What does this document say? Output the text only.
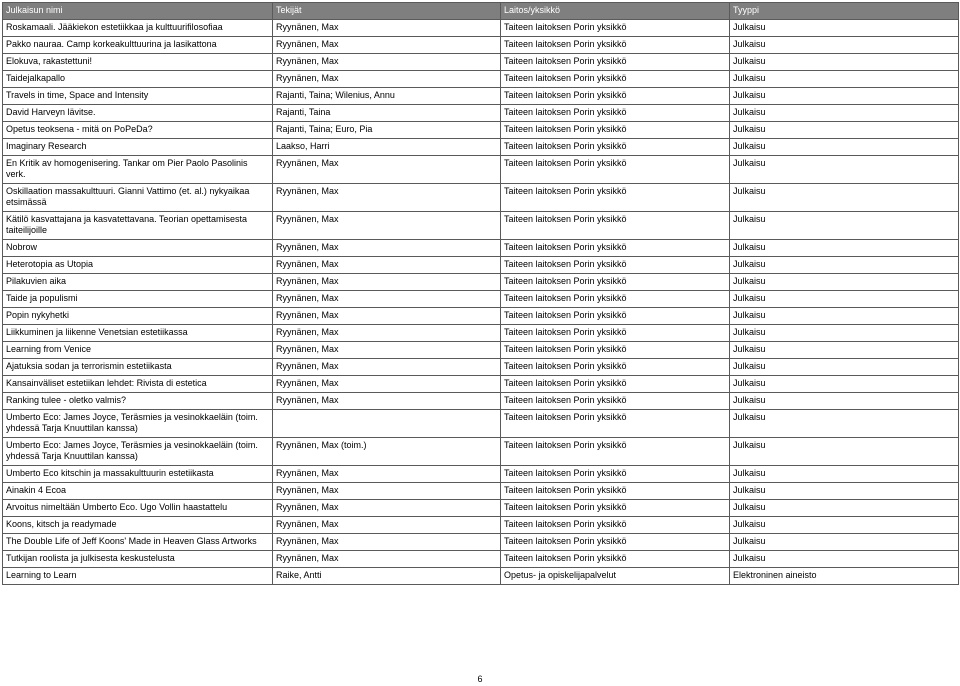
Julkaisun nimi	Tekijät	Laitos/yksikkö	Tyyppi
Roskamaali. Jääkiekon estetiikkaa ja kulttuurifilosofiaa	Ryynänen, Max	Taiteen laitoksen Porin yksikkö	Julkaisu
Pakko nauraa. Camp korkeakulttuurina ja lasikattona	Ryynänen, Max	Taiteen laitoksen Porin yksikkö	Julkaisu
Elokuva, rakastettuni!	Ryynänen, Max	Taiteen laitoksen Porin yksikkö	Julkaisu
Taidejalkapallo	Ryynänen, Max	Taiteen laitoksen Porin yksikkö	Julkaisu
Travels in time, Space and Intensity	Rajanti, Taina; Wilenius, Annu	Taiteen laitoksen Porin yksikkö	Julkaisu
David Harveyn lävitse.	Rajanti, Taina	Taiteen laitoksen Porin yksikkö	Julkaisu
Opetus teoksena - mitä on PoPeDa?	Rajanti, Taina; Euro, Pia	Taiteen laitoksen Porin yksikkö	Julkaisu
Imaginary Research	Laakso, Harri	Taiteen laitoksen Porin yksikkö	Julkaisu
En Kritik av homogenisering. Tankar om Pier Paolo Pasolinis verk.	Ryynänen, Max	Taiteen laitoksen Porin yksikkö	Julkaisu
Oskillaation massakulttuuri. Gianni Vattimo (et. al.) nykyaikaa etsimässä	Ryynänen, Max	Taiteen laitoksen Porin yksikkö	Julkaisu
Kätilö kasvattajana ja kasvatettavana. Teorian opettamisesta taiteilijoille	Ryynänen, Max	Taiteen laitoksen Porin yksikkö	Julkaisu
Nobrow	Ryynänen, Max	Taiteen laitoksen Porin yksikkö	Julkaisu
Heterotopia as Utopia	Ryynänen, Max	Taiteen laitoksen Porin yksikkö	Julkaisu
Pilakuvien aika	Ryynänen, Max	Taiteen laitoksen Porin yksikkö	Julkaisu
Taide ja populismi	Ryynänen, Max	Taiteen laitoksen Porin yksikkö	Julkaisu
Popin nykyhetki	Ryynänen, Max	Taiteen laitoksen Porin yksikkö	Julkaisu
Liikkuminen ja liikenne Venetsian estetiikassa	Ryynänen, Max	Taiteen laitoksen Porin yksikkö	Julkaisu
Learning from Venice	Ryynänen, Max	Taiteen laitoksen Porin yksikkö	Julkaisu
Ajatuksia sodan ja terrorismin estetiikasta	Ryynänen, Max	Taiteen laitoksen Porin yksikkö	Julkaisu
Kansainväliset estetiikan lehdet: Rivista di estetica	Ryynänen, Max	Taiteen laitoksen Porin yksikkö	Julkaisu
Ranking tulee - oletko valmis?	Ryynänen, Max	Taiteen laitoksen Porin yksikkö	Julkaisu
Umberto Eco: James Joyce, Teräsmies ja vesinokkaeläin (toim. yhdessä Tarja Knuuttilan kanssa)		Taiteen laitoksen Porin yksikkö	Julkaisu
Umberto Eco: James Joyce, Teräsmies ja vesinokkaeläin (toim. yhdessä Tarja Knuuttilan kanssa)	Ryynänen, Max (toim.)	Taiteen laitoksen Porin yksikkö	Julkaisu
Umberto Eco kitschin ja massakulttuurin estetiikasta	Ryynänen, Max	Taiteen laitoksen Porin yksikkö	Julkaisu
Ainakin 4 Ecoa	Ryynänen, Max	Taiteen laitoksen Porin yksikkö	Julkaisu
Arvoitus nimeltään Umberto Eco. Ugo Vollin haastattelu	Ryynänen, Max	Taiteen laitoksen Porin yksikkö	Julkaisu
Koons, kitsch ja readymade	Ryynänen, Max	Taiteen laitoksen Porin yksikkö	Julkaisu
The Double Life of Jeff Koons' Made in Heaven Glass Artworks	Ryynänen, Max	Taiteen laitoksen Porin yksikkö	Julkaisu
Tutkijan roolista ja julkisesta keskustelusta	Ryynänen, Max	Taiteen laitoksen Porin yksikkö	Julkaisu
Learning to Learn	Raike, Antti	Opetus- ja opiskelijapalvelut	Elektroninen aineisto
6
